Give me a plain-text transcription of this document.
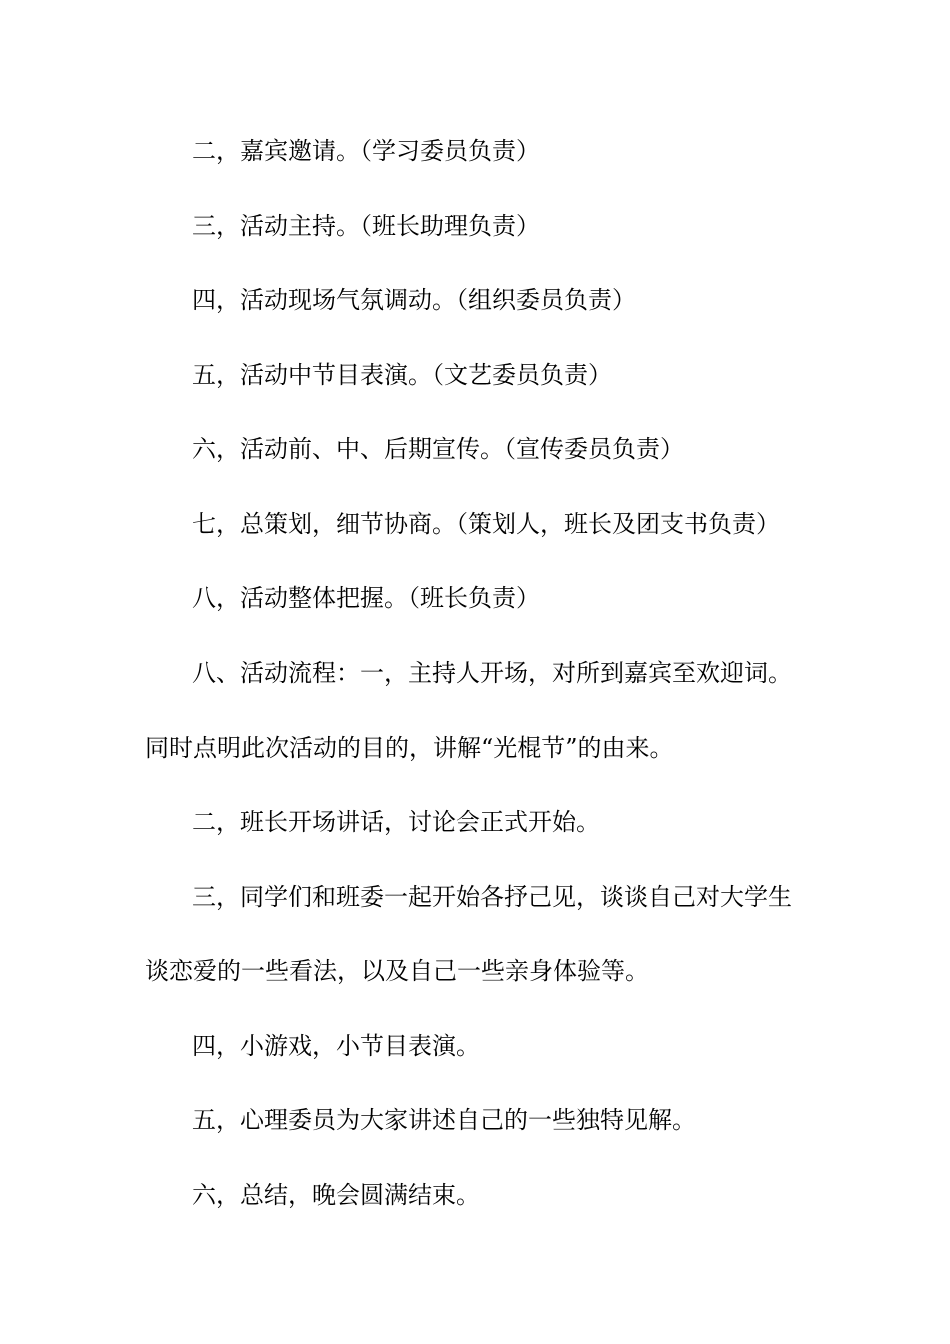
二，嘉宾邀请。（学习委员负责）
三，活动主持。（班长助理负责）
四，活动现场气氛调动。（组织委员负责）
五，活动中节目表演。（文艺委员负责）
六，活动前、中、后期宣传。（宣传委员负责）
七，总策划，细节协商。（策划人，班长及团支书负责）
八，活动整体把握。（班长负责）
八、活动流程：一，主持人开场，对所到嘉宾至欢迎词。
同时点明此次活动的目的，讲解“光棍节”的由来。
二，班长开场讲话，讨论会正式开始。
三，同学们和班委一起开始各抒己见，谈谈自己对大学生
谈恋爱的一些看法，以及自己一些亲身体验等。
四，小游戏，小节目表演。
五，心理委员为大家讲述自己的一些独特见解。
六，总结，晚会圆满结束。
